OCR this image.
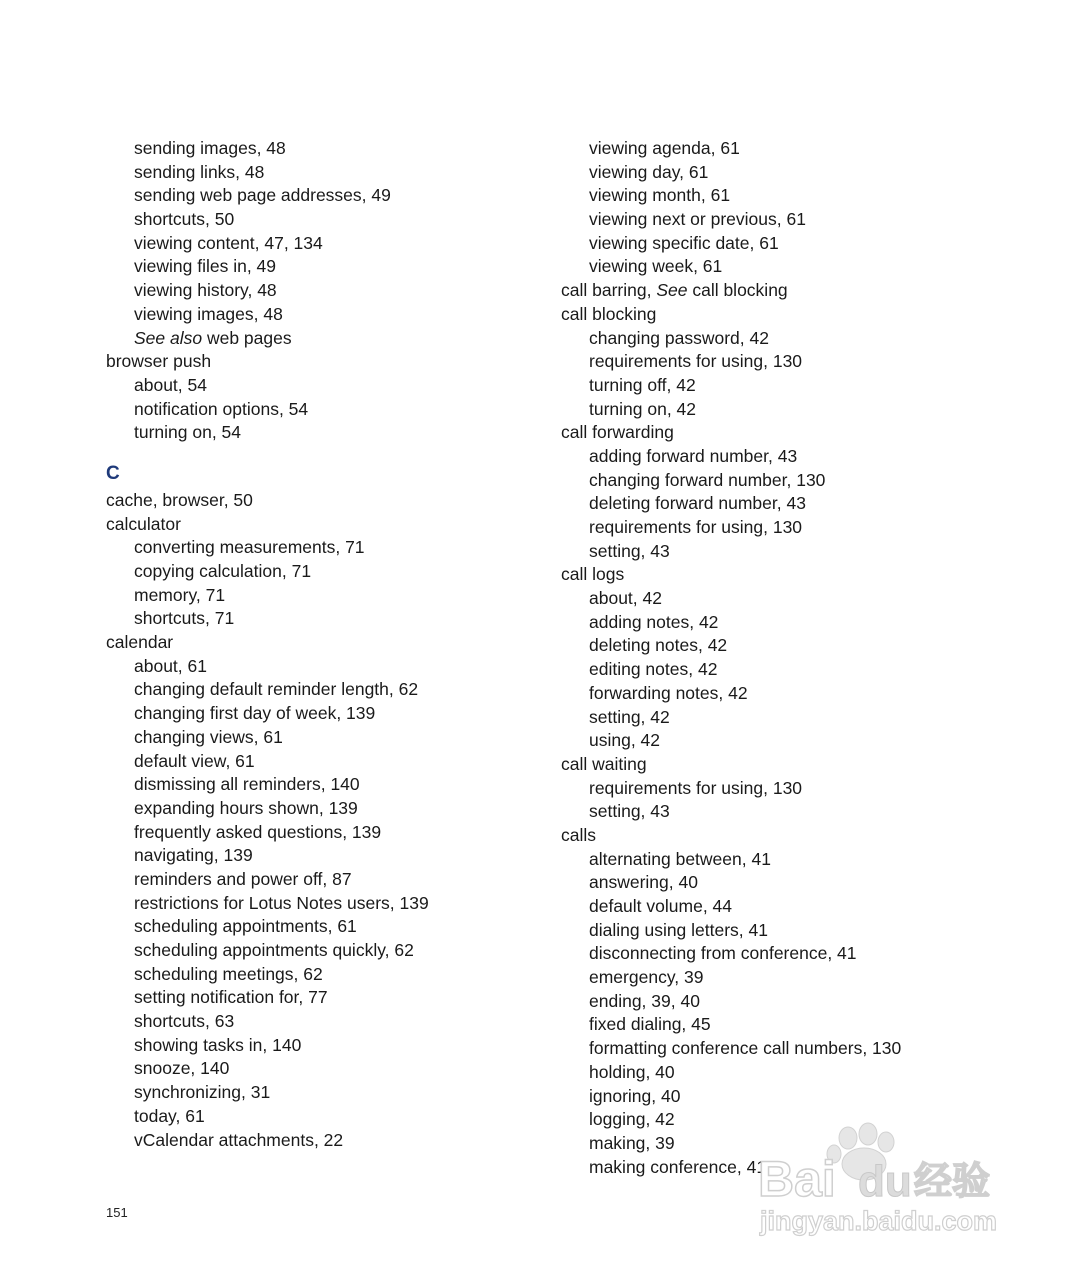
sending images, 48
sending links, 48
sending web page addresses, 49
shortcuts, 50
viewing content, 47, 134
viewing files in, 49
viewing history, 48
viewing images, 48
See also web pages
browser push
about, 54
notification options, 54
turning on, 54
C
cache, browser, 50
calculator
converting measurements, 71
copying calculation, 71
memory, 71
shortcuts, 71
calendar
about, 61
changing default reminder length, 62
changing first day of week, 139
changing views, 61
default view, 61
dismissing all reminders, 140
expanding hours shown, 139
frequently asked questions, 139
navigating, 139
reminders and power off, 87
restrictions for Lotus Notes users, 139
scheduling appointments, 61
scheduling appointments quickly, 62
scheduling meetings, 62
setting notification for, 77
shortcuts, 63
showing tasks in, 140
snooze, 140
synchronizing, 31
today, 61
vCalendar attachments, 22
viewing agenda, 61
viewing day, 61
viewing month, 61
viewing next or previous, 61
viewing specific date, 61
viewing week, 61
call barring, See call blocking
call blocking
changing password, 42
requirements for using, 130
turning off, 42
turning on, 42
call forwarding
adding forward number, 43
changing forward number, 130
deleting forward number, 43
requirements for using, 130
setting, 43
call logs
about, 42
adding notes, 42
deleting notes, 42
editing notes, 42
forwarding notes, 42
setting, 42
using, 42
call waiting
requirements for using, 130
setting, 43
calls
alternating between, 41
answering, 40
default volume, 44
dialing using letters, 41
disconnecting from conference, 41
emergency, 39
ending, 39, 40
fixed dialing, 45
formatting conference call numbers, 130
holding, 40
ignoring, 40
logging, 42
making, 39
making conference, 41
151
Bai du 经验
jingyan.baidu.com
